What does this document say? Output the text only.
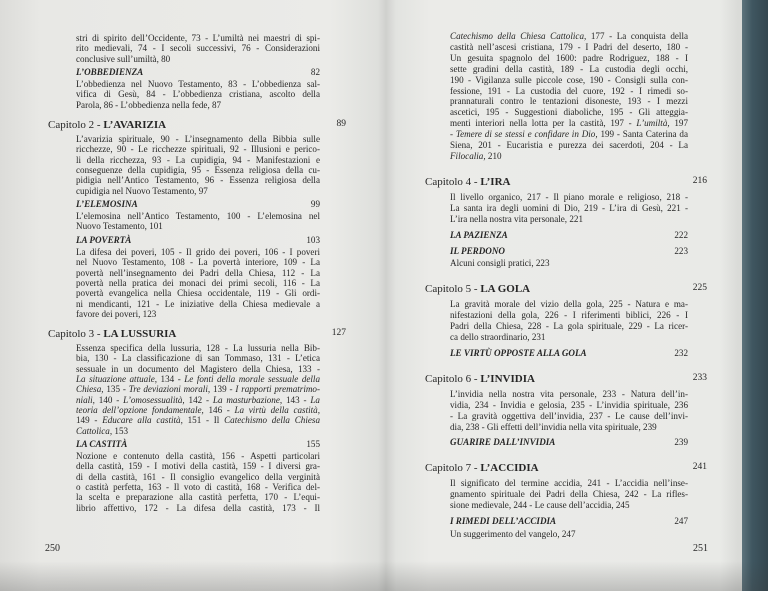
stri di spirito dell’Occidente, 73 - L’umiltà nei maestri di spi-
rito medievali, 74 - I secoli successivi, 76 - Considerazioni
conclusive sull’umiltà, 80
L’OBBEDIENZA	82
L’obbedienza nel Nuovo Testamento, 83 - L’obbedienza sal-
vifica di Gesù, 84 - L’obbedienza cristiana, ascolto della
Parola, 86 - L’obbedienza nella fede, 87
Capitolo 2 - L’AVARIZIA	89
L’avarizia spirituale, 90 - L’insegnamento della Bibbia sulle
ricchezze, 90 - Le ricchezze spirituali, 92 - Illusioni e perico-
li della ricchezza, 93 - La cupidigia, 94 - Manifestazioni e
conseguenze della cupidigia, 95 - Essenza religiosa della cu-
pidigia nell’Antico Testamento, 96 - Essenza religiosa della
cupidigia nel Nuovo Testamento, 97
L’ELEMOSINA	99
L’elemosina nell’Antico Testamento, 100 - L’elemosina nel
Nuovo Testamento, 101
LA POVERTÀ	103
La difesa dei poveri, 105 - Il grido dei poveri, 106 - I poveri
nel Nuovo Testamento, 108 - La povertà interiore, 109 - La
povertà nell’insegnamento dei Padri della Chiesa, 112 - La
povertà nella pratica dei monaci dei primi secoli, 116 - La
povertà evangelica nella Chiesa occidentale, 119 - Gli ordi-
ni mendicanti, 121 - Le iniziative della Chiesa medievale a
favore dei poveri, 123
Capitolo 3 - LA LUSSURIA	127
Essenza specifica della lussuria, 128 - La lussuria nella Bib-
bia, 130 - La classificazione di san Tommaso, 131 - L’etica
sessuale in un documento del Magistero della Chiesa, 133 -
La situazione attuale, 134 - Le fonti della morale sessuale della
Chiesa, 135 - Tre deviazioni morali, 139 - I rapporti prematrimo-
niali, 140 - L’omosessualità, 142 - La masturbazione, 143 - La
teoria dell’opzione fondamentale, 146 - La virtù della castità,
149 - Educare alla castità, 151 - Il Catechismo della Chiesa
Cattolica, 153
LA CASTITÀ	155
Nozione e contenuto della castità, 156 - Aspetti particolari
della castità, 159 - I motivi della castità, 159 - I diversi gra-
di della castità, 161 - Il consiglio evangelico della verginità
o castità perfetta, 163 - Il voto di castità, 168 - Verifica del-
la scelta e preparazione alla castità perfetta, 170 - L’equi-
librio affettivo, 172 - La difesa della castità, 173 - Il
Catechismo della Chiesa Cattolica, 177 - La conquista della
castità nell’ascesi cristiana, 179 - I Padri del deserto, 180 -
Un gesuita spagnolo del 1600: padre Rodriguez, 188 - I
sette gradini della castità, 189 - La custodia degli occhi,
190 - Vigilanza sulle piccole cose, 190 - Consigli sulla con-
fessione, 191 - La custodia del cuore, 192 - I rimedi so-
prannaturali contro le tentazioni disoneste, 193 - I mezzi
ascetici, 195 - Suggestioni diaboliche, 195 - Gli atteggia-
menti interiori nella lotta per la castità, 197 - L’umiltà, 197
- Temere di se stessi e confidare in Dio, 199 - Santa Caterina da
Siena, 201 - Eucaristia e purezza dei sacerdoti, 204 - La
Filocalia, 210
Capitolo 4 - L’IRA	216
Il livello organico, 217 - Il piano morale e religioso, 218 -
La santa ira degli uomini di Dio, 219 - L’ira di Gesù, 221 -
L’ira nella nostra vita personale, 221
LA PAZIENZA	222
IL PERDONO	223
Alcuni consigli pratici, 223
Capitolo 5 - LA GOLA	225
La gravità morale del vizio della gola, 225 - Natura e ma-
nifestazioni della gola, 226 - I riferimenti biblici, 226 - I
Padri della Chiesa, 228 - La gola spirituale, 229 - La ricer-
ca dello straordinario, 231
LE VIRTÙ OPPOSTE ALLA GOLA	232
Capitolo 6 - L’INVIDIA	233
L’invidia nella nostra vita personale, 233 - Natura dell’in-
vidia, 234 - Invidia e gelosia, 235 - L’invidia spirituale, 236
- La gravità oggettiva dell’invidia, 237 - Le cause dell’invi-
dia, 238 - Gli effetti dell’invidia nella vita spirituale, 239
GUARIRE DALL’INVIDIA	239
Capitolo 7 - L’ACCIDIA	241
Il significato del termine accidia, 241 - L’accidia nell’inse-
gnamento spirituale dei Padri della Chiesa, 242 - La rifles-
sione medievale, 244 - Le cause dell’accidia, 245
I RIMEDI DELL’ACCIDIA	247
Un suggerimento del vangelo, 247
250	251
